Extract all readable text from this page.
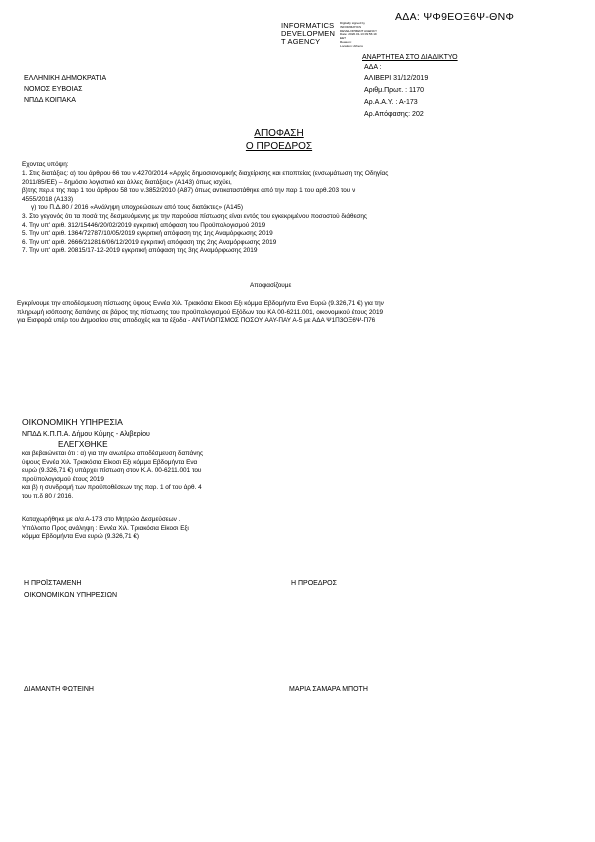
ΑΔΑ: ΨΦ9ΕΟΞ6Ψ-ΘΝΦ
INFORMATICS
DEVELOPMEN
T AGENCY
Digitally signed by
INFORMATICS
DEVELOPMENT AGENCY
Date: 2020.01.13 09:56:19
EET
Reason:
Location: Athens
ΑΝΑΡΤΗΤΕΑ ΣΤΟ ΔΙΑΔΙΚΤΥΟ
ΑΔΑ :
ΕΛΛΗΝΙΚΗ ΔΗΜΟΚΡΑΤΙΑ
ΝΟΜΟΣ ΕΥΒΟΙΑΣ
ΝΠΔΔ ΚΟΙΠΑΚΑ
ΑΛΙΒΕΡΙ 31/12/2019
Αριθμ.Πρωτ. : 1170
Αρ.Α.Α.Υ. : Α-173
Αρ.Απόφασης: 202
ΑΠΟΦΑΣΗ
Ο ΠΡΟΕΔΡΟΣ
Εχοντας υπόψη:
1. Στις διατάξεις: α) του άρθρου 66 του ν.4270/2014 «Αρχές δημοσιονομικής διαχείρισης και εποπτείας (ενσωμάτωση της Οδηγίας
2011/85/ΕΕ) – δημόσιο λογιστικό και άλλες διατάξεις» (Α143) όπως ισχύει,
β)της περ.ε της παρ 1 του άρθρου 58 του ν.3852/2010 (Α87) όπως αντικαταστάθηκε από την παρ 1 του αρθ.203 του ν
4555/2018 (Α133)
γ) του Π.Δ.80 / 2016 «Ανάληψη υποχρεώσεων από τους διατάκτες» (Α145)
3. Στο γεγονός ότι τα ποσά της δεσμευόμενης με την παρούσα πίστωσης είναι εντός του εγκεκριμένου ποσοστού διάθεσης
4. Την υπ' αριθ. 312/15446/20/02/2019 εγκριτική απόφαση του Προϋπολογισμού 2019
5. Την υπ' αριθ. 1364/72787/10/05/2019 εγκριτική απόφαση της 1ης Αναμόρφωσης 2019
6. Την υπ' αριθ. 2666/212816/06/12/2019 εγκριτική απόφαση της 2ης Αναμόρφωσης 2019
7. Την υπ' αριθ. 20815/17-12-2019 εγκριτική απόφαση της 3ης Αναμόρφωσης 2019
Αποφασίζουμε
Εγκρίνουμε την αποδέσμευση πίστωσης ύψους Εννέα Χιλ. Τριακόσια Είκοσι Εξι κόμμα Εβδομήντα Ενα Ευρώ (9.326,71 €) για την
πληρωμή ισόποσης δαπάνης σε βάρος της πίστωσης του προϋπολογισμού Εξόδων του ΚΑ 00-6211.001, οικονομικού έτους 2019
για Εισφορά υπέρ του Δημοσίου στις αποδοχές και τα έξοδα - ΑΝΤΙΛΟΓΙΣΜΟΣ ΠΟΣΟΥ ΑΑΥ-ΠΑΥ Α-5 με ΑΔΑ Ψ1Π3ΟΞ6Ψ-Π76
ΟΙΚΟΝΟΜΙΚΗ ΥΠΗΡΕΣΙΑ
ΝΠΔΔ Κ.Π.Π.Α. Δήμου Κύμης - Αλιβερίου
ΕΛΕΓΧΘΗΚΕ
και βεβαιώνεται ότι : α) για την ανωτέρω αποδέσμευση δαπάνης
ύψους Εννέα Χιλ. Τριακόσια Είκοσι Εξι κόμμα Εβδομήντα Ενα
ευρώ (9.326,71 €) υπάρχει πίστωση στον Κ.Α. 00-6211.001 του
προϋπολογισμού έτους 2019
και β) η συνδρομή των προϋποθέσεων της παρ. 1 of του άρθ. 4
του π.δ 80 / 2016.
Καταχωρήθηκε με α/α Α-173 στο Μητρώο Δεσμεύσεων .
Υπόλοιπο Προς ανάληψη : Εννέα Χιλ. Τριακόσια Είκοσι Εξι
κόμμα Εβδομήντα Ενα ευρώ (9.326,71 €)
Η ΠΡΟΪΣΤΑΜΕΝΗ
ΟΙΚΟΝΟΜΙΚΩΝ ΥΠΗΡΕΣΙΩΝ
Η ΠΡΟΕΔΡΟΣ
ΔΙΑΜΑΝΤΗ ΦΩΤΕΙΝΗ	ΜΑΡΙΑ ΣΑΜΑΡΑ ΜΠΟΤΗ
